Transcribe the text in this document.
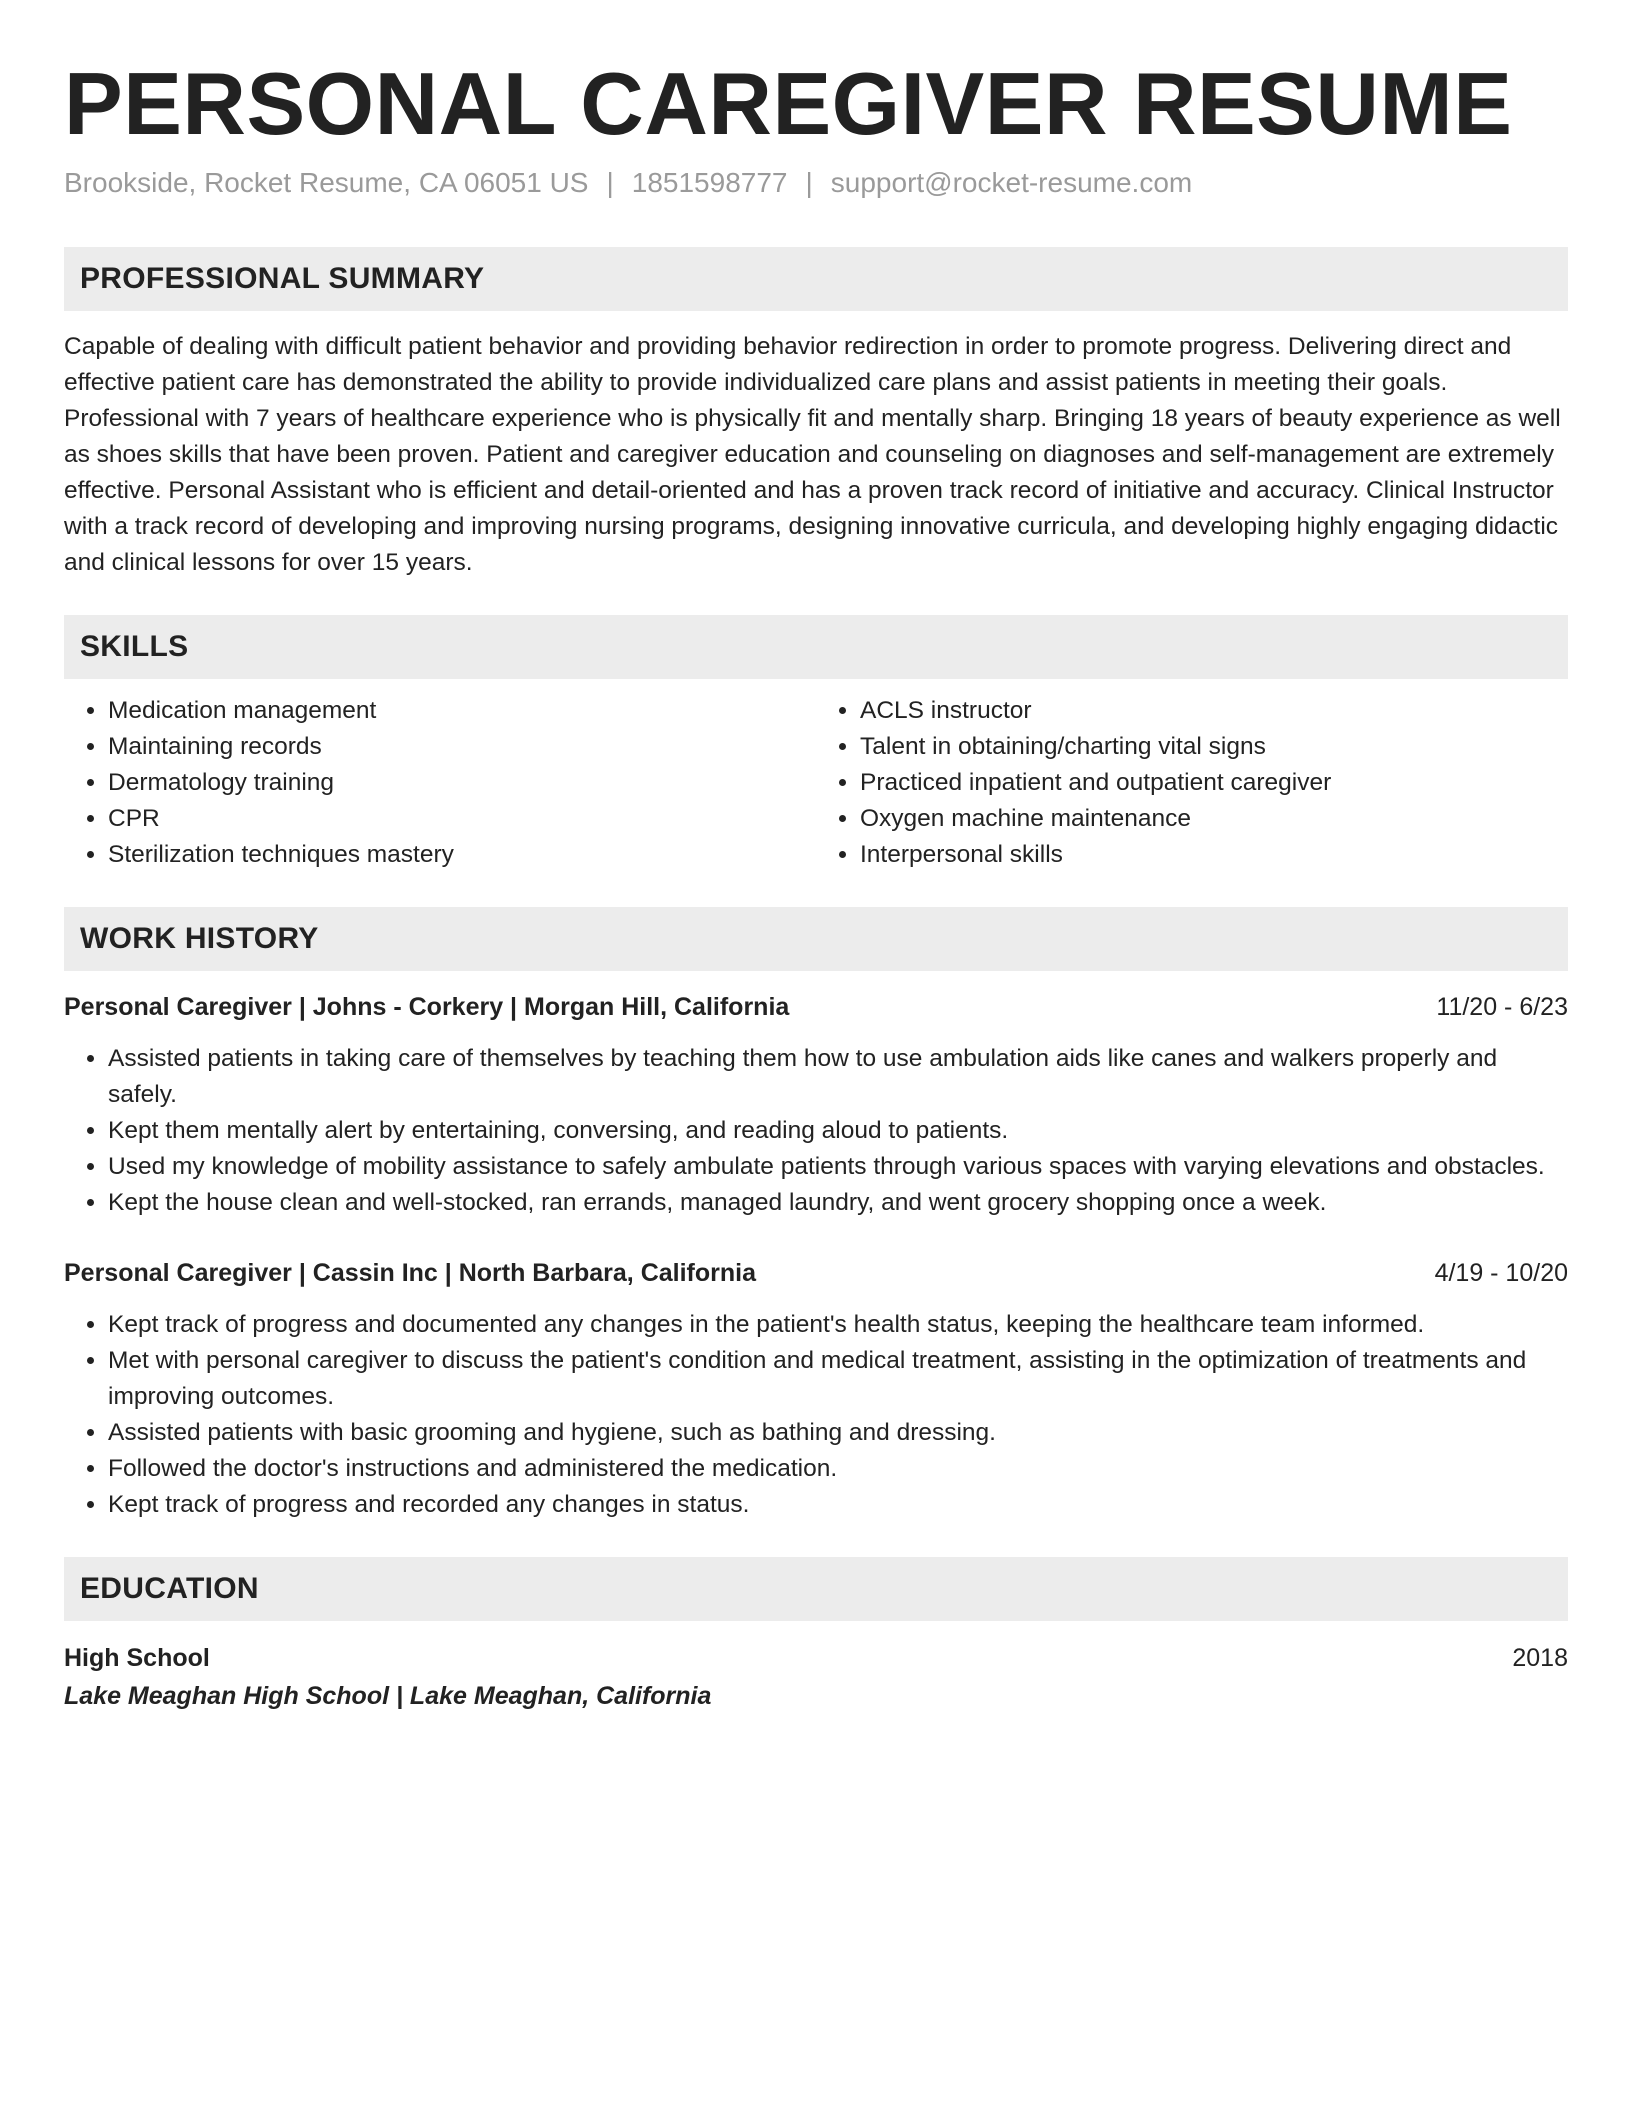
PERSONAL CAREGIVER RESUME
Brookside, Rocket Resume, CA 06051 US | 1851598777 | support@rocket-resume.com
PROFESSIONAL SUMMARY
Capable of dealing with difficult patient behavior and providing behavior redirection in order to promote progress. Delivering direct and effective patient care has demonstrated the ability to provide individualized care plans and assist patients in meeting their goals. Professional with 7 years of healthcare experience who is physically fit and mentally sharp. Bringing 18 years of beauty experience as well as shoes skills that have been proven. Patient and caregiver education and counseling on diagnoses and self-management are extremely effective. Personal Assistant who is efficient and detail-oriented and has a proven track record of initiative and accuracy. Clinical Instructor with a track record of developing and improving nursing programs, designing innovative curricula, and developing highly engaging didactic and clinical lessons for over 15 years.
SKILLS
• Medication management
• Maintaining records
• Dermatology training
• CPR
• Sterilization techniques mastery
• ACLS instructor
• Talent in obtaining/charting vital signs
• Practiced inpatient and outpatient caregiver
• Oxygen machine maintenance
• Interpersonal skills
WORK HISTORY
Personal Caregiver | Johns - Corkery | Morgan Hill, California	11/20 - 6/23
• Assisted patients in taking care of themselves by teaching them how to use ambulation aids like canes and walkers properly and safely.
• Kept them mentally alert by entertaining, conversing, and reading aloud to patients.
• Used my knowledge of mobility assistance to safely ambulate patients through various spaces with varying elevations and obstacles.
• Kept the house clean and well-stocked, ran errands, managed laundry, and went grocery shopping once a week.
Personal Caregiver | Cassin Inc | North Barbara, California	4/19 - 10/20
• Kept track of progress and documented any changes in the patient's health status, keeping the healthcare team informed.
• Met with personal caregiver to discuss the patient's condition and medical treatment, assisting in the optimization of treatments and improving outcomes.
• Assisted patients with basic grooming and hygiene, such as bathing and dressing.
• Followed the doctor's instructions and administered the medication.
• Kept track of progress and recorded any changes in status.
EDUCATION
High School	2018
Lake Meaghan High School | Lake Meaghan, California
